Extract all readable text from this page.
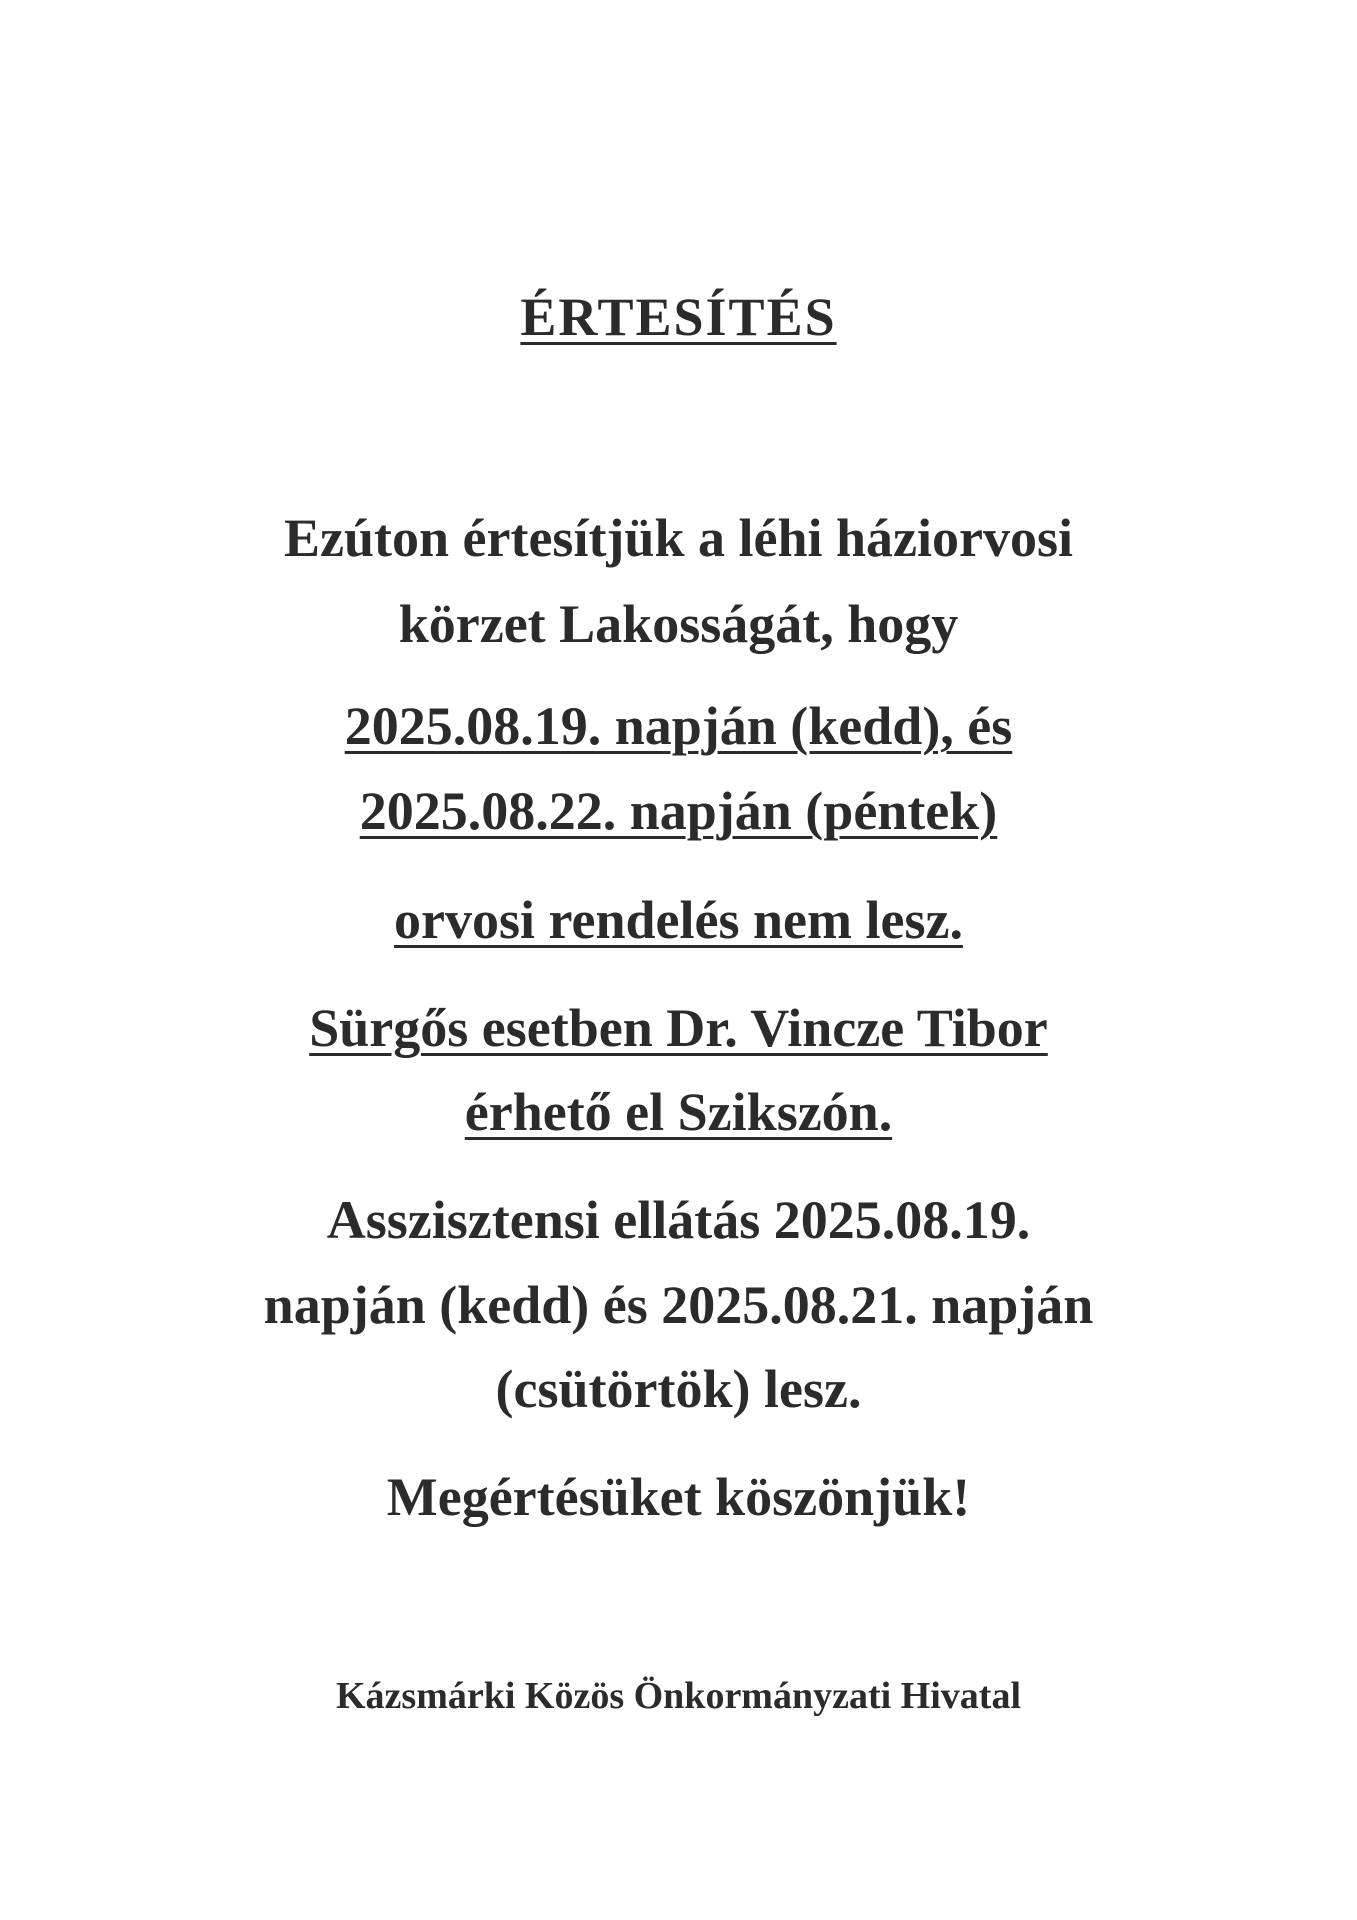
ÉRTESÍTÉS
Ezúton értesítjük a léhi háziorvosi
körzet Lakosságát, hogy
2025.08.19. napján (kedd), és
2025.08.22. napján (péntek)
orvosi rendelés nem lesz.
Sürgős esetben Dr. Vincze Tibor
érhető el Szikszón.
Asszisztensi ellátás 2025.08.19.
napján (kedd) és 2025.08.21. napján
(csütörtök) lesz.
Megértésüket köszönjük!
Kázsmárki Közös Önkormányzati Hivatal
